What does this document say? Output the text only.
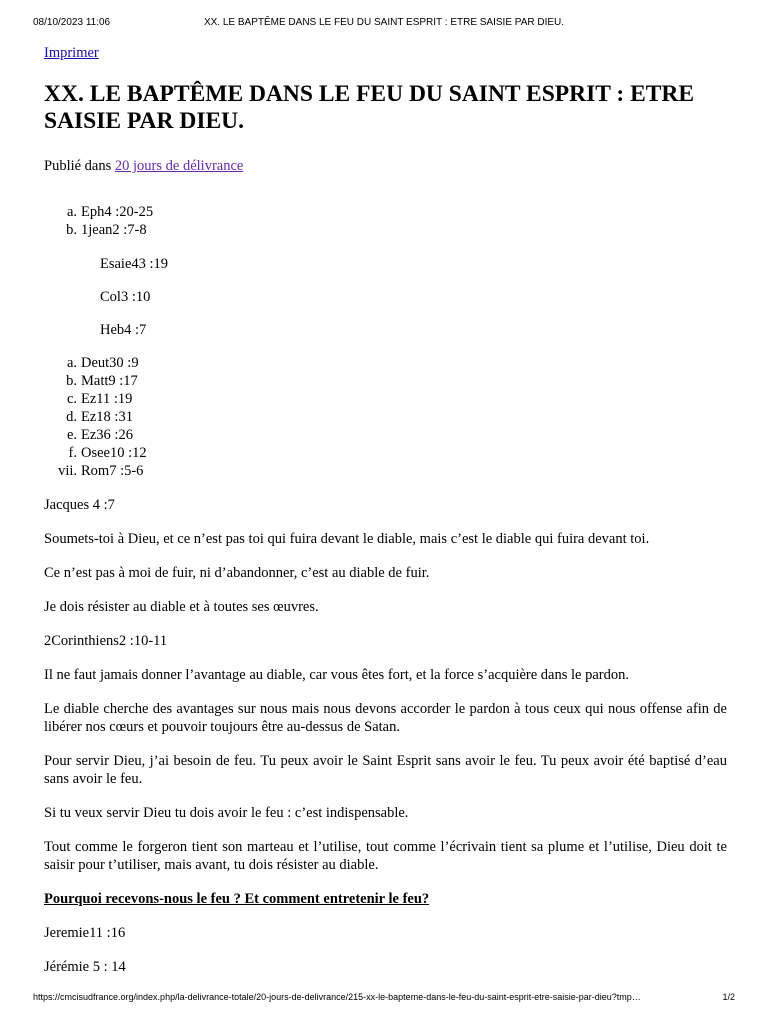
08/10/2023 11:06	XX. LE BAPTÊME DANS LE FEU DU SAINT ESPRIT : ETRE SAISIE PAR DIEU.
Imprimer
XX. LE BAPTÊME DANS LE FEU DU SAINT ESPRIT : ETRE SAISIE PAR DIEU.

Publié dans 20 jours de délivrance

a. Eph4 :20-25
b. 1jean2 :7-8
Esaie43 :19
Col3 :10
Heb4 :7
a. Deut30 :9
b. Matt9 :17
c. Ez11 :19
d. Ez18 :31
e. Ez36 :26
f. Osee10 :12
vii. Rom7 :5-6

Jacques 4 :7

Soumets-toi à Dieu, et ce n’est pas toi qui fuira devant le diable, mais c’est le diable qui fuira devant toi.

Ce n’est pas à moi de fuir, ni d’abandonner, c’est au diable de fuir.

Je dois résister au diable et à toutes ses œuvres.

2Corinthiens2 :10-11

Il ne faut jamais donner l’avantage au diable, car vous êtes fort, et la force s’acquière dans le pardon.

Le diable cherche des avantages sur nous mais nous devons accorder le pardon à tous ceux qui nous offense afin de libérer nos cœurs et pouvoir toujours être au-dessus de Satan.

Pour servir Dieu, j’ai besoin de feu. Tu peux avoir le Saint Esprit sans avoir le feu. Tu peux avoir été baptisé d’eau sans avoir le feu.

Si tu veux servir Dieu tu dois avoir le feu : c’est indispensable.

Tout comme le forgeron tient son marteau et l’utilise, tout comme l’écrivain tient sa plume et l’utilise, Dieu doit te saisir pour t’utiliser, mais avant, tu dois résister au diable.

Pourquoi recevons-nous le feu ? Et comment entretenir le feu?

Jeremie11 :16

Jérémie 5 : 14

https://cmcisudfrance.org/index.php/la-delivrance-totale/20-jours-de-delivrance/215-xx-le-bapteme-dans-le-feu-du-saint-esprit-etre-saisie-par-dieu?tmp…	1/2
